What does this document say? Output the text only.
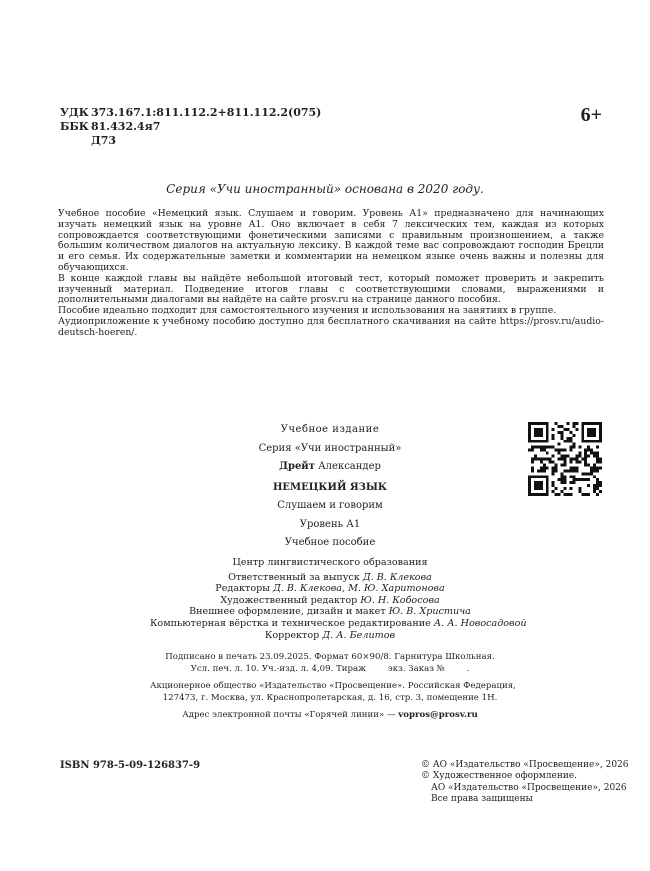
УДК 373.167.1:811.112.2+811.112.2(075)
ББК 81.432.4я7
Д73
6+
Серия «Учи иностранный» основана в 2020 году.

Учебное пособие «Немецкий язык. Слушаем и говорим. Уровень А1» предназначено для начинающих изучать немецкий язык на уровне А1. Оно включает в себя 7 лексических тем, каждая из которых сопровождается соответствующими фонетическими записями с правильным произношением, а также большим количеством диалогов на актуальную лексику. В каждой теме вас сопровождают господин Брецли и его семья. Их содержательные заметки и комментарии на немецком языке очень важны и полезны для обучающихся.

В конце каждой главы вы найдёте небольшой итоговый тест, который поможет проверить и закрепить изученный материал. Подведение итогов главы с соответствующими словами, выражениями и дополнительными диалогами вы найдёте на сайте prosv.ru на странице данного пособия.

Пособие идеально подходит для самостоятельного изучения и использования на занятиях в группе.

Аудиоприложение к учебному пособию доступно для бесплатного скачивания на сайте https://prosv.ru/audio-deutsch-hoeren/.

Учебное издание
Серия «Учи иностранный»
Дрейт Александер
НЕМЕЦКИЙ ЯЗЫК
Слушаем и говорим
Уровень А1
Учебное пособие
Центр лингвистического образования
Ответственный за выпуск Д. В. Клекова
Редакторы Д. В. Клекова, М. Ю. Харитонова
Художественный редактор Ю. Н. Кобосова
Внешнее оформление, дизайн и макет Ю. В. Христича
Компьютерная вёрстка и техническое редактирование А. А. Новосадовой
Корректор Д. А. Белитов
Подписано в печать 23.09.2025. Формат 60×90/8. Гарнитура Школьная.
Усл. печ. л. 10. Уч.-изд. л. 4,09. Тираж        экз. Заказ №        .
Акционерное общество «Издательство «Просвещение». Российская Федерация,
127473, г. Москва, ул. Краснопролетарская, д. 16, стр. 3, помещение 1Н.
Адрес электронной почты «Горячей линии» — vopros@prosv.ru
ISBN 978-5-09-126837-9	© АО «Издательство «Просвещение», 2026
© Художественное оформление.
АО «Издательство «Просвещение», 2026
Все права защищены
